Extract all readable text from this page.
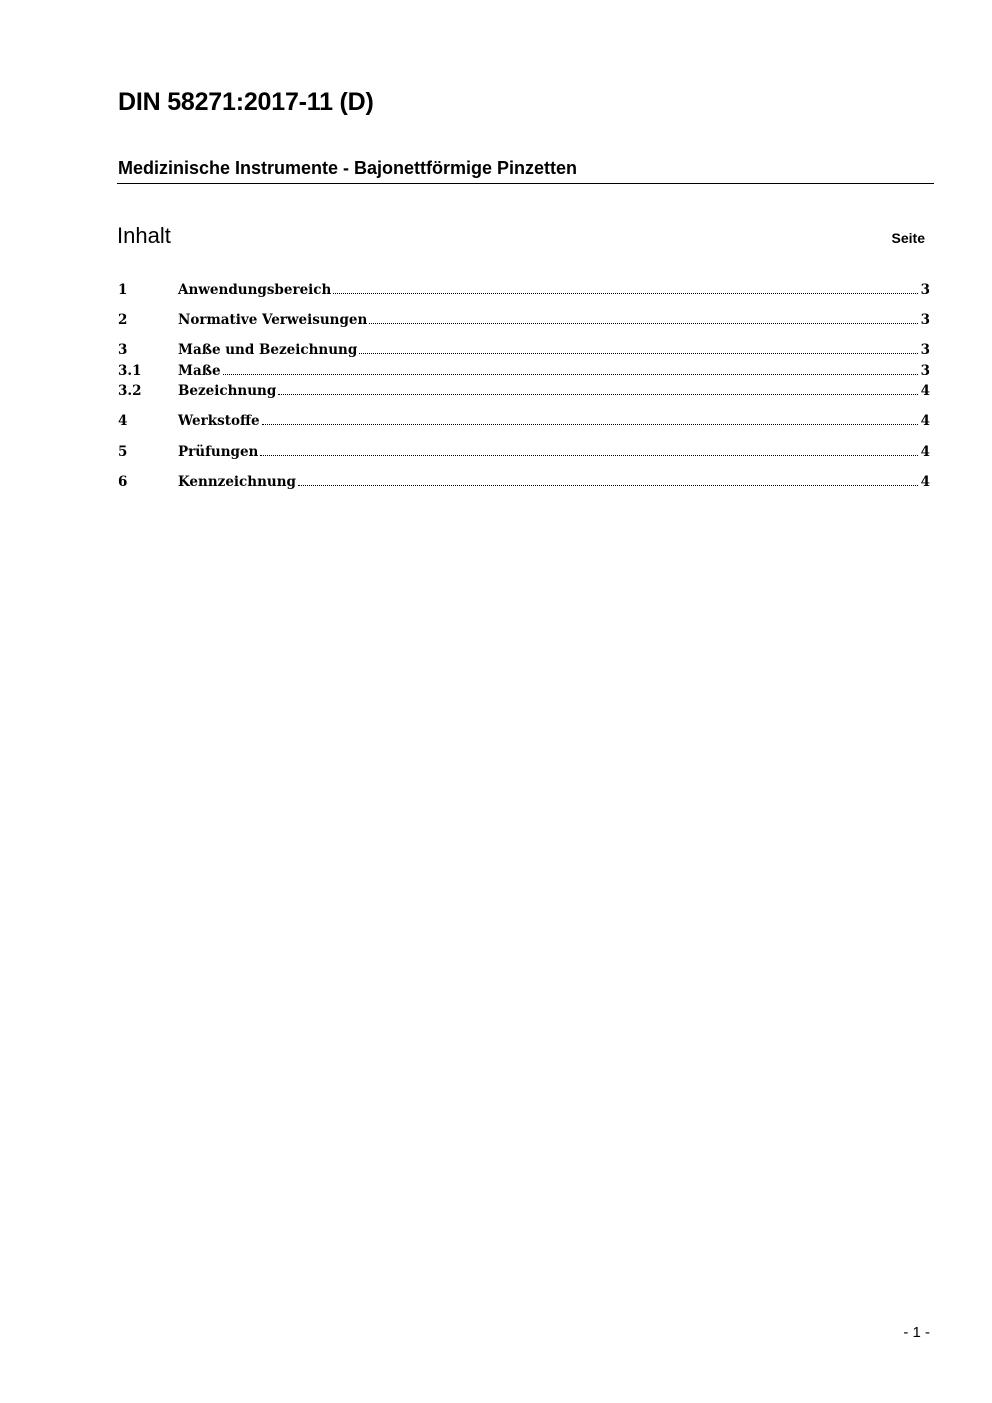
DIN 58271:2017-11 (D)
Medizinische Instrumente - Bajonettförmige Pinzetten
Inhalt	Seite
1	Anwendungsbereich	3
2	Normative Verweisungen	3
3	Maße und Bezeichnung	3
3.1	Maße	3
3.2	Bezeichnung	4
4	Werkstoffe	4
5	Prüfungen	4
6	Kennzeichnung	4
- 1 -
